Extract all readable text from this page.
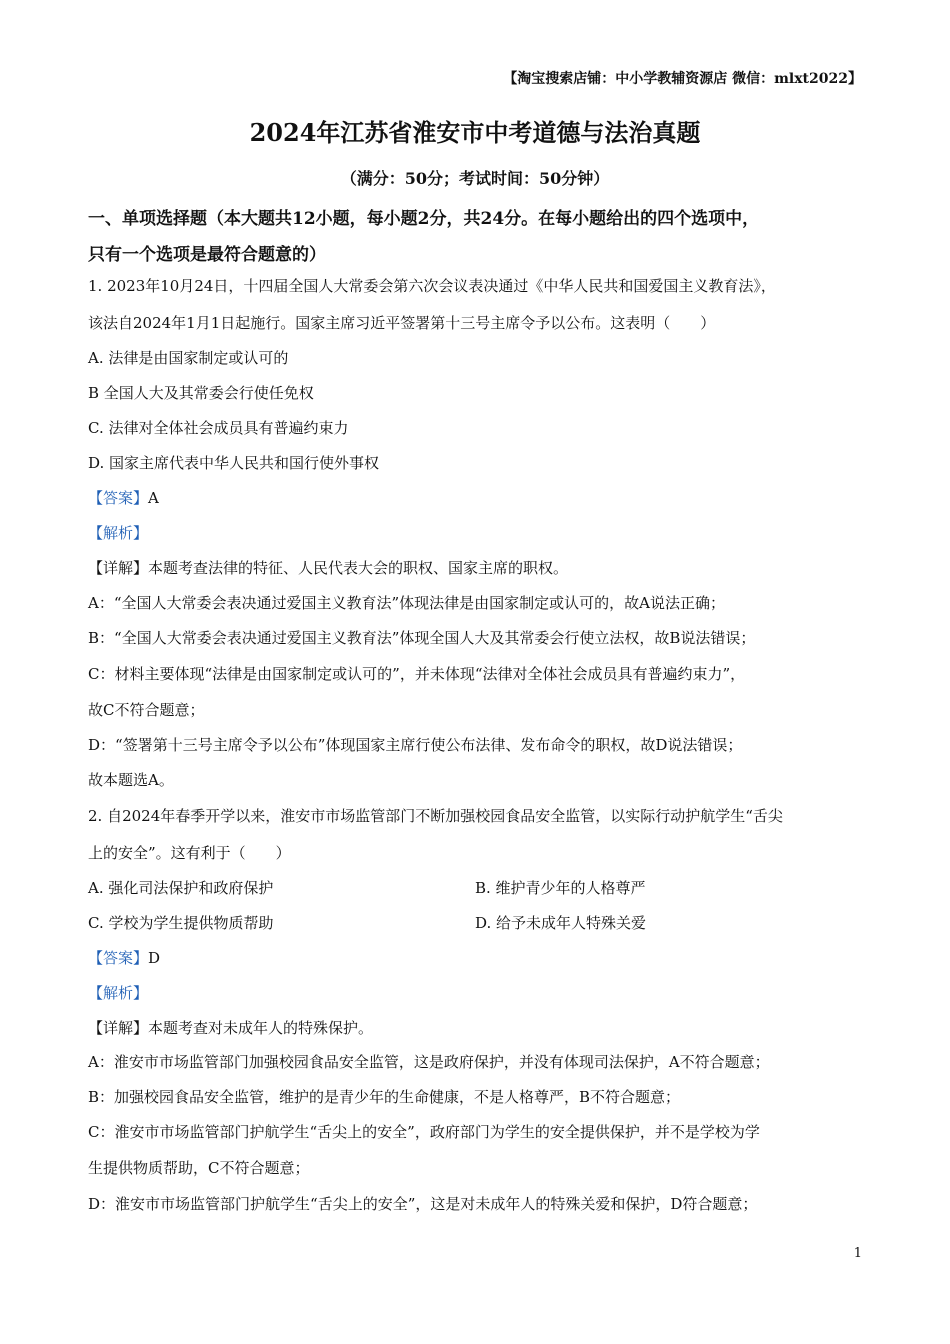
【淘宝搜索店铺：中小学教辅资源店 微信：mlxt2022】
2024年江苏省淮安市中考道德与法治真题
（满分：50分；考试时间：50分钟）
一、单项选择题（本大题共12小题，每小题2分，共24分。在每小题给出的四个选项中，
只有一个选项是最符合题意的）
1. 2023年10月24日，十四届全国人大常委会第六次会议表决通过《中华人民共和国爱国主义教育法》，
该法自2024年1月1日起施行。国家主席习近平签署第十三号主席令予以公布。这表明（　　）
A. 法律是由国家制定或认可的
B 全国人大及其常委会行使任免权
C. 法律对全体社会成员具有普遍约束力
D. 国家主席代表中华人民共和国行使外事权
【答案】A
【解析】
【详解】本题考查法律的特征、人民代表大会的职权、国家主席的职权。
A：“全国人大常委会表决通过爱国主义教育法”体现法律是由国家制定或认可的，故A说法正确；
B：“全国人大常委会表决通过爱国主义教育法”体现全国人大及其常委会行使立法权，故B说法错误；
C：材料主要体现“法律是由国家制定或认可的”，并未体现“法律对全体社会成员具有普遍约束力”，
故C不符合题意；
D：“签署第十三号主席令予以公布”体现国家主席行使公布法律、发布命令的职权，故D说法错误；
故本题选A。
2. 自2024年春季开学以来，淮安市市场监管部门不断加强校园食品安全监管，以实际行动护航学生“舌尖
上的安全”。这有利于（　　）
A. 强化司法保护和政府保护	B. 维护青少年的人格尊严
C. 学校为学生提供物质帮助	D. 给予未成年人特殊关爱
【答案】D
【解析】
【详解】本题考查对未成年人的特殊保护。
A：淮安市市场监管部门加强校园食品安全监管，这是政府保护，并没有体现司法保护，A不符合题意；
B：加强校园食品安全监管，维护的是青少年的生命健康，不是人格尊严，B不符合题意；
C：淮安市市场监管部门护航学生“舌尖上的安全”，政府部门为学生的安全提供保护，并不是学校为学
生提供物质帮助，C不符合题意；
D：淮安市市场监管部门护航学生“舌尖上的安全”，这是对未成年人的特殊关爱和保护，D符合题意；
1
